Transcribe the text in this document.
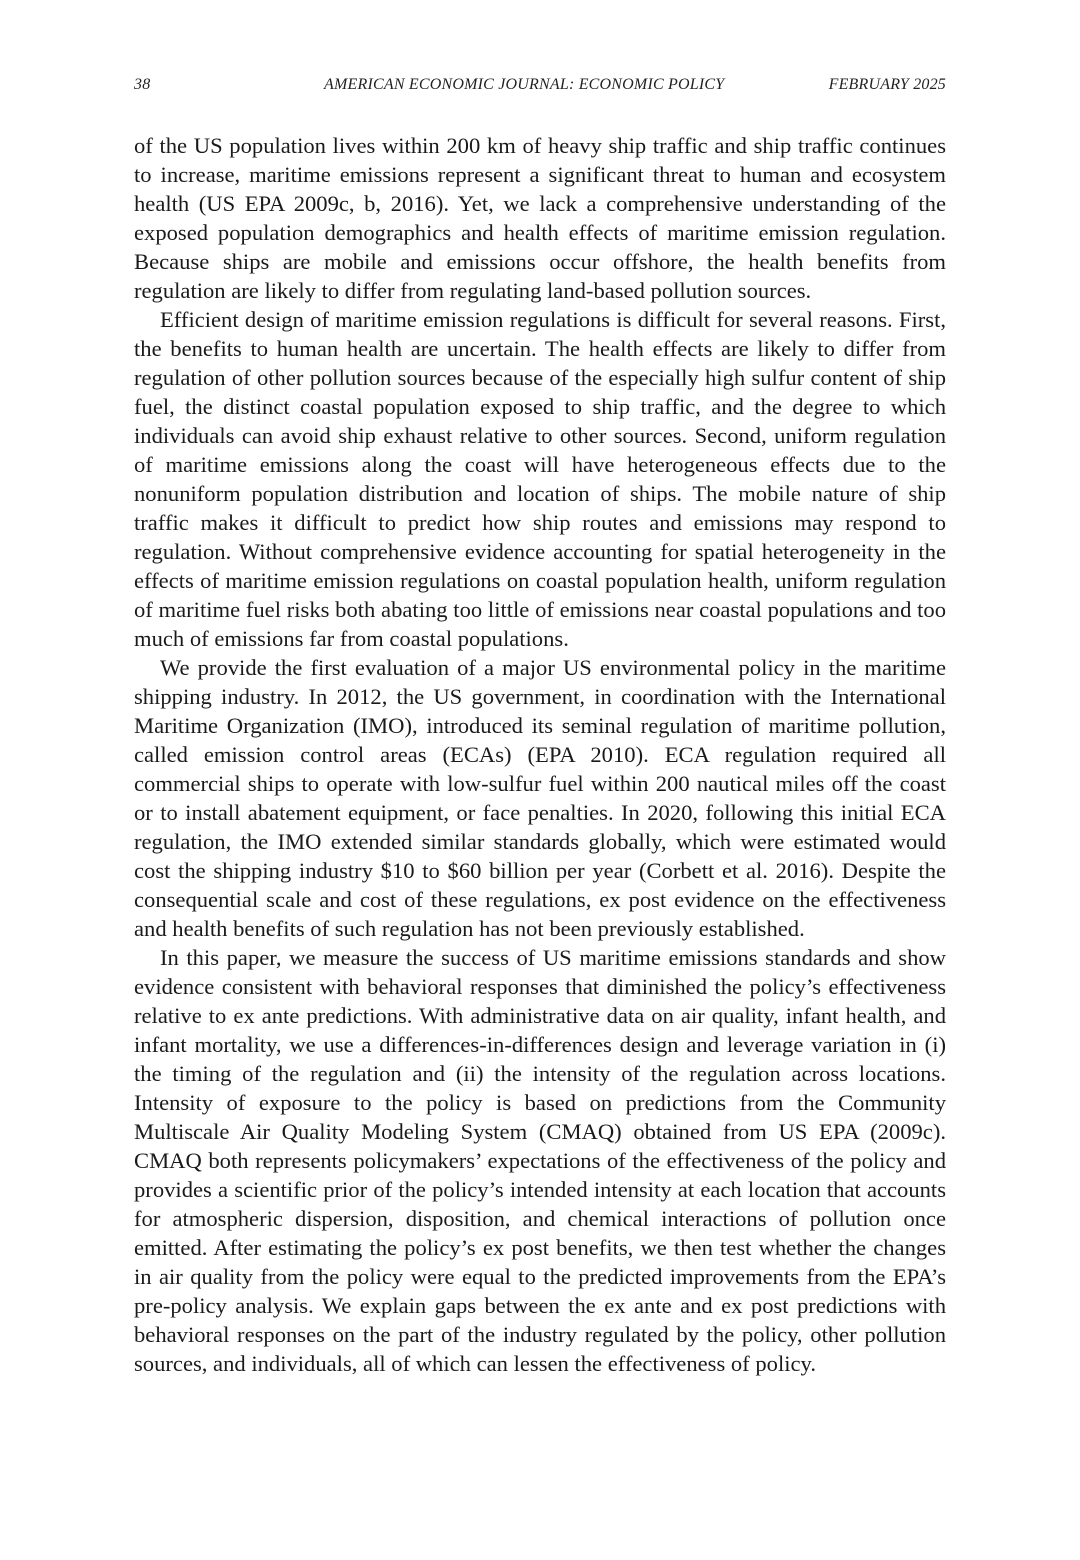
38	AMERICAN ECONOMIC JOURNAL: ECONOMIC POLICY	FEBRUARY 2025

of the US population lives within 200 km of heavy ship traffic and ship traffic continues to increase, maritime emissions represent a significant threat to human and ecosystem health (US EPA 2009c, b, 2016). Yet, we lack a comprehensive understanding of the exposed population demographics and health effects of maritime emission regulation. Because ships are mobile and emissions occur offshore, the health benefits from regulation are likely to differ from regulating land-based pollution sources.

Efficient design of maritime emission regulations is difficult for several reasons. First, the benefits to human health are uncertain. The health effects are likely to differ from regulation of other pollution sources because of the especially high sulfur content of ship fuel, the distinct coastal population exposed to ship traffic, and the degree to which individuals can avoid ship exhaust relative to other sources. Second, uniform regulation of maritime emissions along the coast will have heterogeneous effects due to the nonuniform population distribution and location of ships. The mobile nature of ship traffic makes it difficult to predict how ship routes and emissions may respond to regulation. Without comprehensive evidence accounting for spatial heterogeneity in the effects of maritime emission regulations on coastal population health, uniform regulation of maritime fuel risks both abating too little of emissions near coastal populations and too much of emissions far from coastal populations.

We provide the first evaluation of a major US environmental policy in the maritime shipping industry. In 2012, the US government, in coordination with the International Maritime Organization (IMO), introduced its seminal regulation of maritime pollution, called emission control areas (ECAs) (EPA 2010). ECA regulation required all commercial ships to operate with low-sulfur fuel within 200 nautical miles off the coast or to install abatement equipment, or face penalties. In 2020, following this initial ECA regulation, the IMO extended similar standards globally, which were estimated would cost the shipping industry $10 to $60 billion per year (Corbett et al. 2016). Despite the consequential scale and cost of these regulations, ex post evidence on the effectiveness and health benefits of such regulation has not been previously established.

In this paper, we measure the success of US maritime emissions standards and show evidence consistent with behavioral responses that diminished the policy’s effectiveness relative to ex ante predictions. With administrative data on air quality, infant health, and infant mortality, we use a differences-in-differences design and leverage variation in (i) the timing of the regulation and (ii) the intensity of the regulation across locations. Intensity of exposure to the policy is based on predictions from the Community Multiscale Air Quality Modeling System (CMAQ) obtained from US EPA (2009c). CMAQ both represents policymakers’ expectations of the effectiveness of the policy and provides a scientific prior of the policy’s intended intensity at each location that accounts for atmospheric dispersion, disposition, and chemical interactions of pollution once emitted. After estimating the policy’s ex post benefits, we then test whether the changes in air quality from the policy were equal to the predicted improvements from the EPA’s pre-policy analysis. We explain gaps between the ex ante and ex post predictions with behavioral responses on the part of the industry regulated by the policy, other pollution sources, and individuals, all of which can lessen the effectiveness of policy.
